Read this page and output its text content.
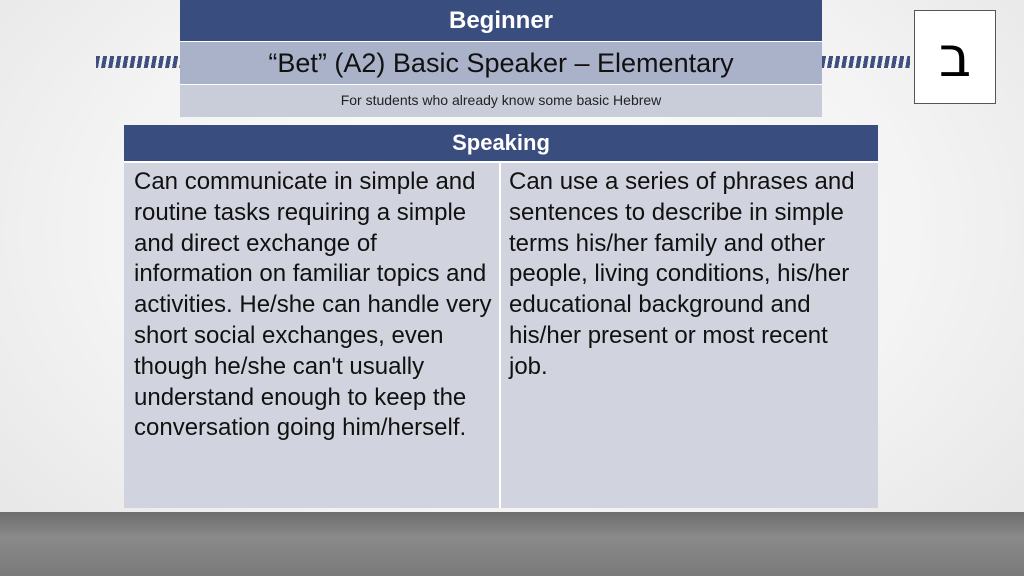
Beginner
“Bet” (A2) Basic Speaker – Elementary
For students who already know some basic Hebrew
ב
Speaking
Can communicate in simple and routine tasks requiring a simple and direct exchange of information on familiar topics and activities. He/she can handle very short social exchanges, even though he/she can't usually understand enough to keep the conversation going him/herself.
Can use a series of phrases and sentences to describe in simple terms his/her family and other people, living conditions, his/her educational background and his/her present or most recent job.
